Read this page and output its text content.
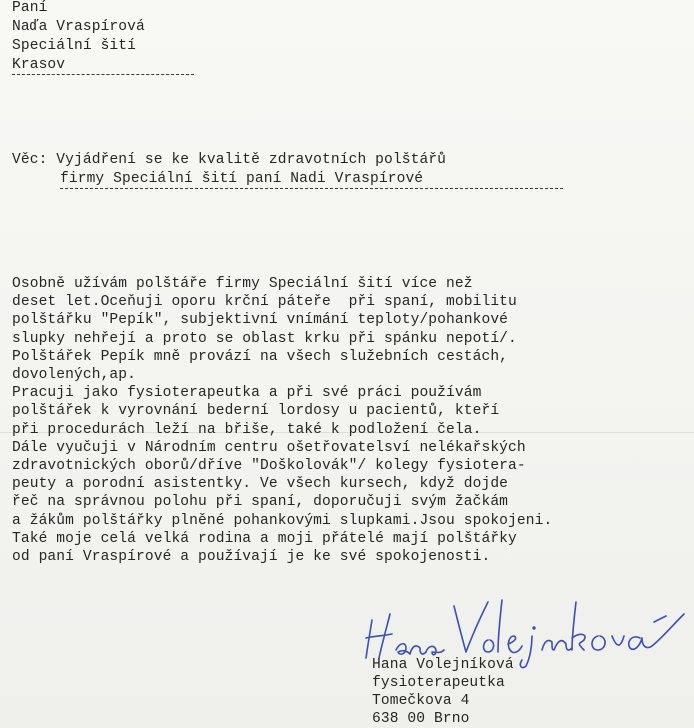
Paní

Naďa Vraspírová

Speciální šití

Krasov

Věc: Vyjádření se ke kvalitě zdravotních polštářů

firmy Speciální šití paní Nadi Vraspírové

Osobně užívám polštáře firmy Speciální šití více než

deset let.Oceňuji oporu krční páteře  při spaní, mobilitu

polštářku "Pepík", subjektivní vnímání teploty/pohankové

slupky nehřejí a proto se oblast krku při spánku nepotí/.

Polštářek Pepík mně provází na všech služebních cestách,

dovolených,ap.

Pracuji jako fysioterapeutka a při své práci používám

polštářek k vyrovnání bederní lordosy u pacientů, kteří

při procedurách leží na břiše, také k podložení čela.

Dále vyučuji v Národním centru ošetřovatelsví nelékařských

zdravotnických oborů/dříve "Doškolovák"/ kolegy fysiotera-

peuty a porodní asistentky. Ve všech kursech, když dojde

řeč na správnou polohu při spaní, doporučuji svým žačkám

a žákům polštářky plněné pohankovými slupkami.Jsou spokojeni.

Také moje celá velká rodina a moji přátelé mají polštářky

od paní Vraspírové a používají je ke své spokojenosti.

Hana Volejníková

fysioterapeutka

Tomečkova 4

638 00 Brno
